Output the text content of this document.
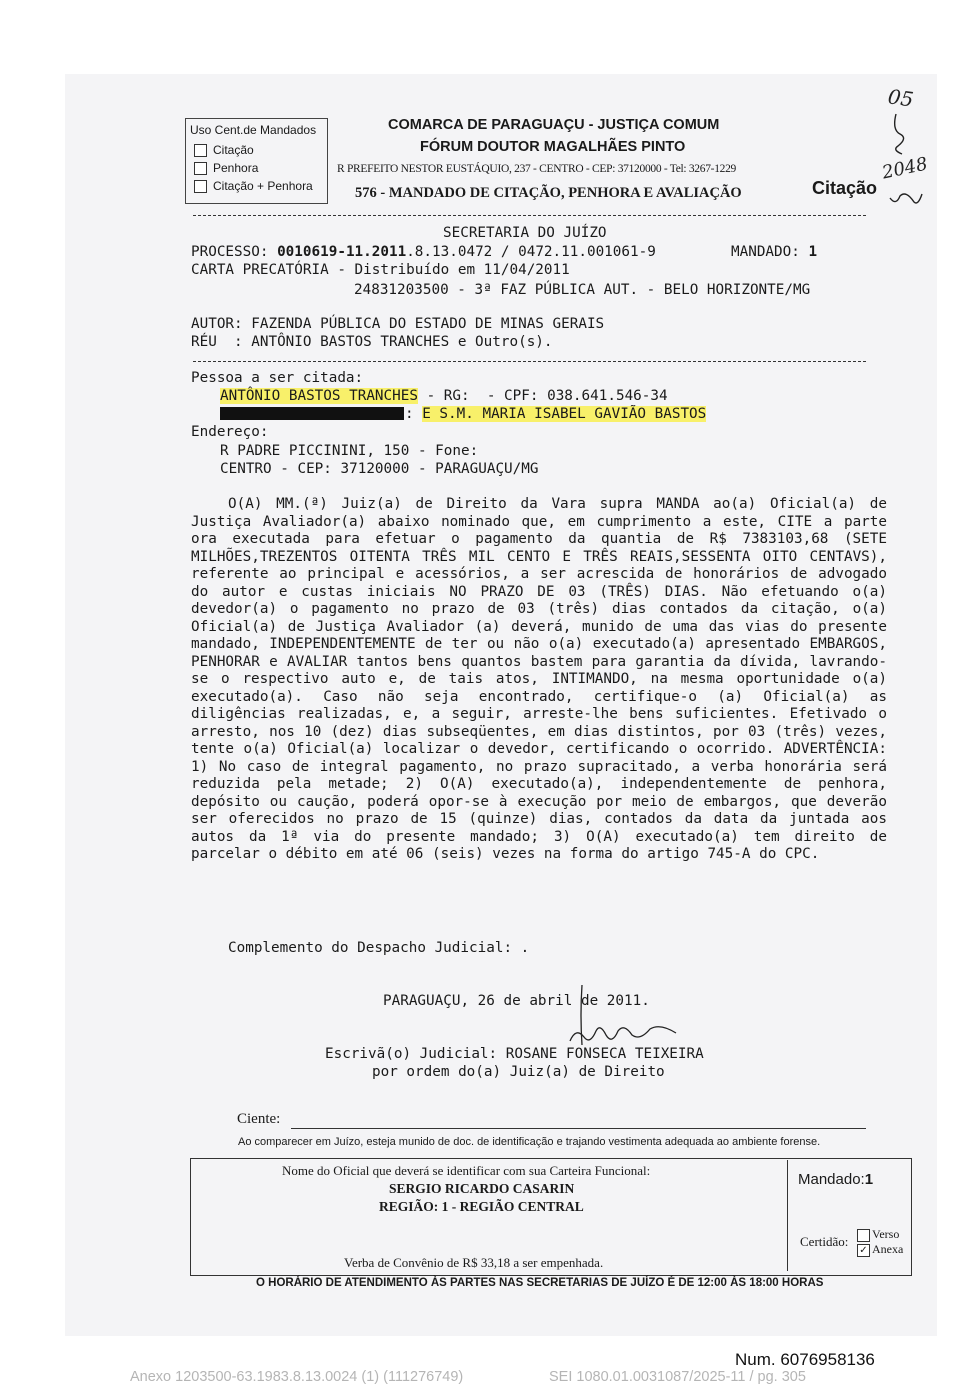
Uso Cent.de Mandados
Citação
Penhora
Citação + Penhora
COMARCA DE PARAGUAÇU - JUSTIÇA COMUM
FÓRUM DOUTOR MAGALHÃES PINTO
R PREFEITO NESTOR EUSTÁQUIO, 237 - CENTRO - CEP: 37120000 - Tel: 3267-1229
576 - MANDADO DE CITAÇÃO, PENHORA E AVALIAÇÃO	Citação
05
2048
SECRETARIA DO JUÍZO
PROCESSO: 0010619-11.2011.8.13.0472 / 0472.11.001061-9	MANDADO: 1
CARTA PRECATÓRIA - Distribuído em 11/04/2011
24831203500 - 3ª FAZ PÚBLICA AUT. - BELO HORIZONTE/MG
AUTOR: FAZENDA PÚBLICA DO ESTADO DE MINAS GERAIS
RÉU  : ANTÔNIO BASTOS TRANCHES e Outro(s).
Pessoa a ser citada:
ANTÔNIO BASTOS TRANCHES - RG:  - CPF: 038.641.546-34
: E S.M. MARIA ISABEL GAVIÃO BASTOS
Endereço:
R PADRE PICCININI, 150 - Fone:
CENTRO - CEP: 37120000 - PARAGUAÇU/MG
O(A) MM.(ª) Juiz(a) de Direito da Vara supra MANDA ao(a) Oficial(a) de Justiça Avaliador(a) abaixo nominado que, em cumprimento a este, CITE a parte ora executada para efetuar o pagamento da quantia de R$ 7383103,68 (SETE MILHÕES,TREZENTOS OITENTA TRÊS MIL CENTO E TRÊS REAIS,SESSENTA OITO CENTAVS), referente ao principal e acessórios, a ser acrescida de honorários de advogado do autor e custas iniciais NO PRAZO DE 03 (TRÊS) DIAS. Não efetuando o(a) devedor(a) o pagamento no prazo de 03 (três) dias contados da citação, o(a) Oficial(a) de Justiça Avaliador (a) deverá, munido de uma das vias do presente mandado, INDEPENDENTEMENTE de ter ou não o(a) executado(a) apresentado EMBARGOS, PENHORAR e AVALIAR tantos bens quantos bastem para garantia da dívida, lavrando-se o respectivo auto e, de tais atos, INTIMANDO, na mesma oportunidade o(a) executado(a). Caso não seja encontrado, certifique-o (a) Oficial(a) as diligências realizadas, e, a seguir, arreste-lhe bens suficientes. Efetivado o arresto, nos 10 (dez) dias subseqüentes, em dias distintos, por 03 (três) vezes, tente o(a) Oficial(a) localizar o devedor, certificando o ocorrido. ADVERTÊNCIA: 1) No caso de integral pagamento, no prazo supracitado, a verba honorária será reduzida pela metade; 2) O(A) executado(a), independentemente de penhora, depósito ou caução, poderá opor-se à execução por meio de embargos, que deverão ser oferecidos no prazo de 15 (quinze) dias, contados da data da juntada aos autos da 1ª via do presente mandado; 3) O(A) executado(a) tem direito de parcelar o débito em até 06 (seis) vezes na forma do artigo 745-A do CPC.
Complemento do Despacho Judicial: .
PARAGUAÇU, 26 de abril de 2011.
Escrivã(o) Judicial: ROSANE FONSECA TEIXEIRA
por ordem do(a) Juiz(a) de Direito
Ciente:
Ao comparecer em Juízo, esteja munido de doc. de identificação e trajando vestimenta adequada ao ambiente forense.
Nome do Oficial que deverá se identificar com sua Carteira Funcional:
SERGIO RICARDO CASARIN
REGIÃO: 1 - REGIÃO CENTRAL
Verba de Convênio de R$ 33,18 a ser empenhada.
Mandado:1
Certidão: Verso
✓ Anexa
O HORÁRIO DE ATENDIMENTO ÀS PARTES NAS SECRETARIAS DE JUÍZO É DE 12:00 ÀS 18:00 HORAS
Num. 6076958136
Anexo 1203500-63.1983.8.13.0024 (1) (111276749)	SEI 1080.01.0031087/2025-11 / pg. 305
